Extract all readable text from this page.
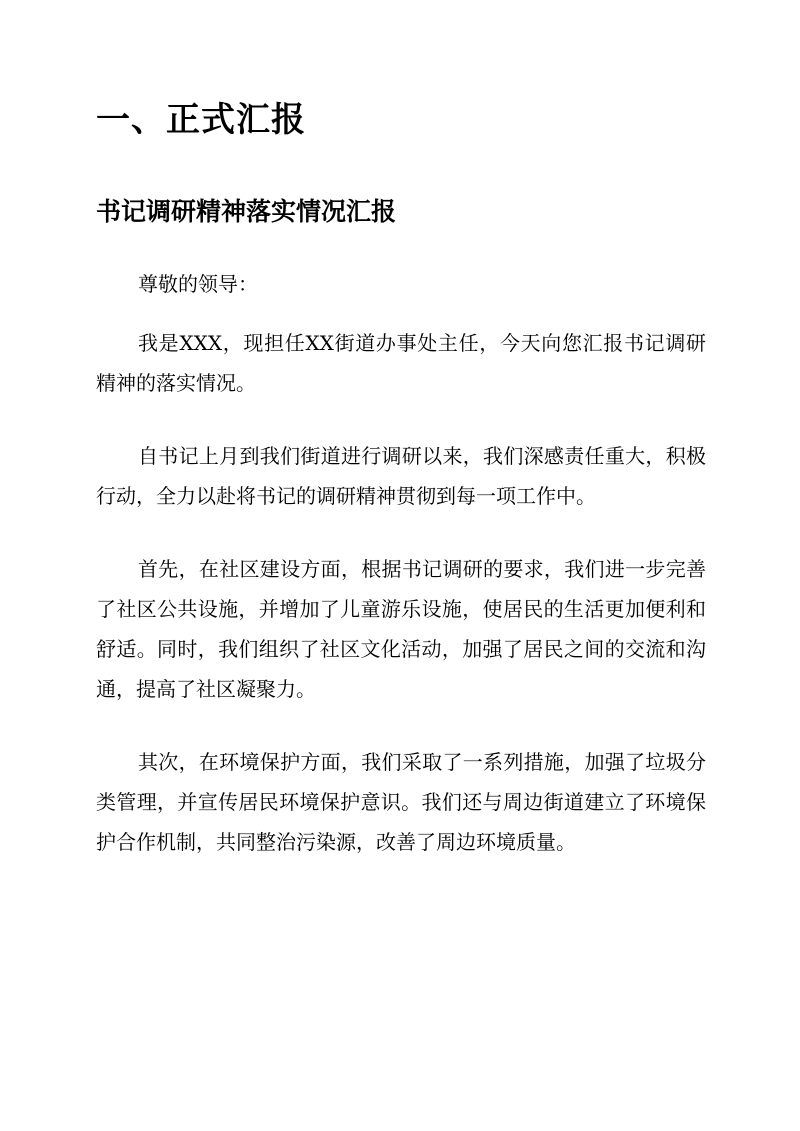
一、正式汇报
书记调研精神落实情况汇报

尊敬的领导：

我是XXX，现担任XX街道办事处主任，今天向您汇报书记调研精神的落实情况。

自书记上月到我们街道进行调研以来，我们深感责任重大，积极行动，全力以赴将书记的调研精神贯彻到每一项工作中。

首先，在社区建设方面，根据书记调研的要求，我们进一步完善了社区公共设施，并增加了儿童游乐设施，使居民的生活更加便利和舒适。同时，我们组织了社区文化活动，加强了居民之间的交流和沟通，提高了社区凝聚力。

其次，在环境保护方面，我们采取了一系列措施，加强了垃圾分类管理，并宣传居民环境保护意识。我们还与周边街道建立了环境保护合作机制，共同整治污染源，改善了周边环境质量。
